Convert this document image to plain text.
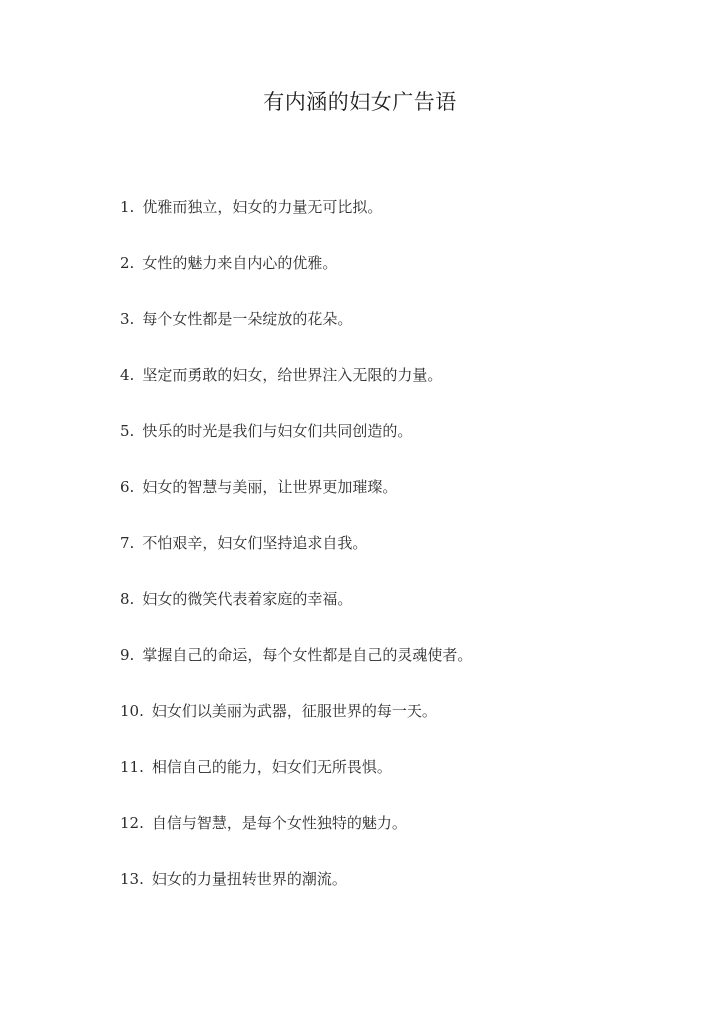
有内涵的妇女广告语
1. 优雅而独立，妇女的力量无可比拟。
2. 女性的魅力来自内心的优雅。
3. 每个女性都是一朵绽放的花朵。
4. 坚定而勇敢的妇女，给世界注入无限的力量。
5. 快乐的时光是我们与妇女们共同创造的。
6. 妇女的智慧与美丽，让世界更加璀璨。
7. 不怕艰辛，妇女们坚持追求自我。
8. 妇女的微笑代表着家庭的幸福。
9. 掌握自己的命运，每个女性都是自己的灵魂使者。
10. 妇女们以美丽为武器，征服世界的每一天。
11. 相信自己的能力，妇女们无所畏惧。
12. 自信与智慧，是每个女性独特的魅力。
13. 妇女的力量扭转世界的潮流。
